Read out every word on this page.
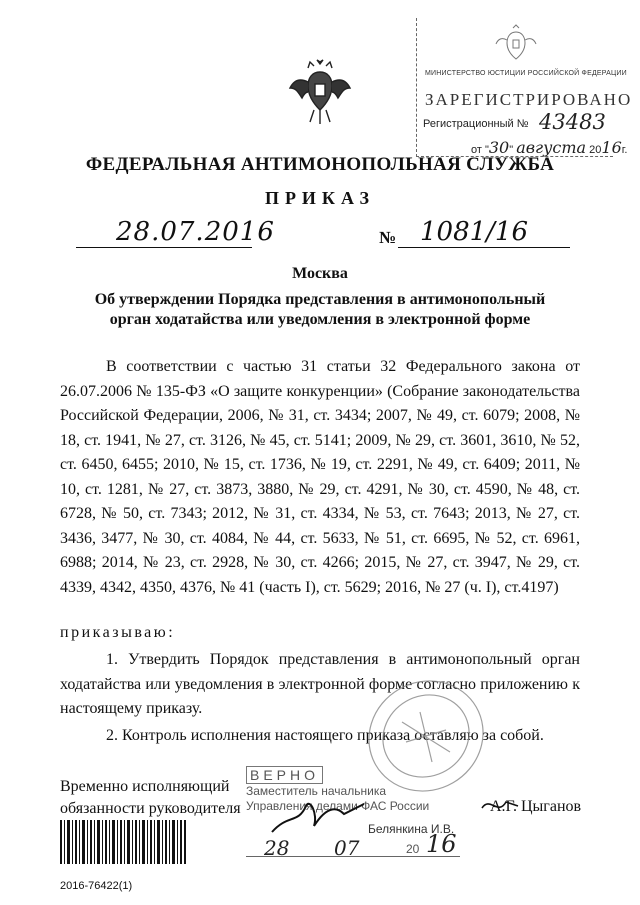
МИНИСТЕРСТВО ЮСТИЦИИ РОССИЙСКОЙ ФЕДЕРАЦИИ
ЗАРЕГИСТРИРОВАНО
Регистрационный № 43483
от "30" августа 2016г.
ФЕДЕРАЛЬНАЯ АНТИМОНОПОЛЬНАЯ СЛУЖБА
ПРИКАЗ
28.07.2016	№ 1081/16
Москва
Об утверждении Порядка представления в антимонопольный орган ходатайства или уведомления в электронной форме

В соответствии с частью 31 статьи 32 Федерального закона от 26.07.2006 № 135-ФЗ «О защите конкуренции» (Собрание законодательства Российской Федерации, 2006, № 31, ст. 3434; 2007, № 49, ст. 6079; 2008, № 18, ст. 1941, № 27, ст. 3126, № 45, ст. 5141; 2009, № 29, ст. 3601, 3610, № 52, ст. 6450, 6455; 2010, № 15, ст. 1736, № 19, ст. 2291, № 49, ст. 6409; 2011, № 10, ст. 1281, № 27, ст. 3873, 3880, № 29, ст. 4291, № 30, ст. 4590, № 48, ст. 6728, № 50, ст. 7343; 2012, № 31, ст. 4334, № 53, ст. 7643; 2013, № 27, ст. 3436, 3477, № 30, ст. 4084, № 44, ст. 5633, № 51, ст. 6695, № 52, ст. 6961, 6988; 2014, № 23, ст. 2928, № 30, ст. 4266; 2015, № 27, ст. 3947, № 29, ст. 4339, 4342, 4350, 4376, № 41 (часть I), ст. 5629; 2016, № 27 (ч. I), ст.4197)

приказываю:

1. Утвердить Порядок представления в антимонопольный орган ходатайства или уведомления в электронной форме согласно приложению к настоящему приказу.

2. Контроль исполнения настоящего приказа оставляю за собой.

Временно исполняющий
обязанности руководителя
ВЕРНО
Заместитель начальника
Управления делами ФАС России
Белянкина И.В.
28 07	20 16
А.Г. Цыганов
2016-76422(1)
